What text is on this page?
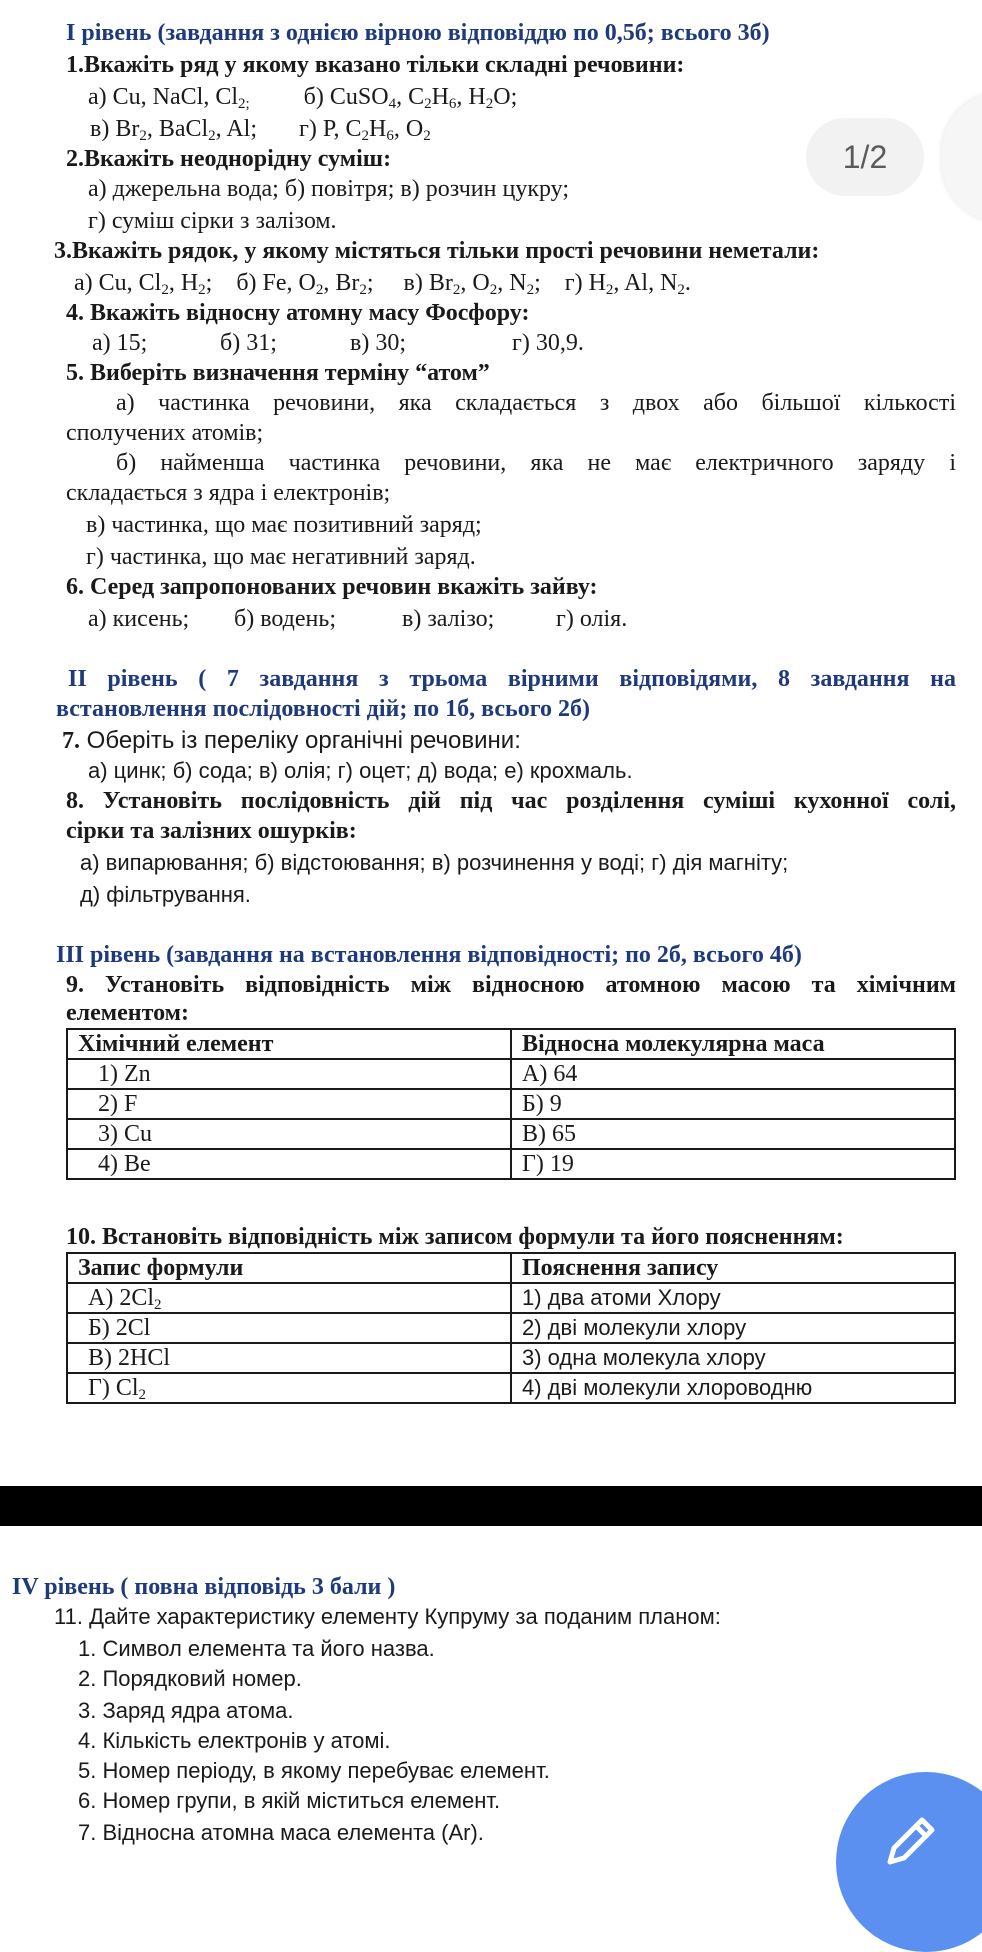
І рівень (завдання з однією вірною відповіддю по 0,5б; всього 3б)
1.Вкажіть ряд у якому вказано тільки складні речовини:
а) Cu, NaCl, $Cl_{2;}$         б) CuSO$_4$, $C_2H_6$, $H_2O$;
в) $Br_2$, BaCl$_2$, Al;       г) P, $C_2H_6$, $O_2$
2.Вкажіть неоднорідну суміш:
а) джерельна вода; б) повітря; в) розчин цукру;
г) суміш сірки з залізом.
3.Вкажіть рядок, у якому містяться тільки прості речовини неметали:
а) Cu, $Cl_2$, $H_2$;    б) Fe, $O_2$, $Br_2$;     в) $Br_2$, $O_2$, $N_2$;    г) $H_2$, Al, $N_2$.
4. Вкажіть відносну атомну масу Фосфору:
а) 15;	б) 31;	в) 30;	г) 30,9.
5. Виберіть визначення терміну “атом”
а) частинка речовини, яка складається з двох або більшої кількості
сполучених атомів;
б) найменша частинка речовини, яка не має електричного заряду і
складається з ядра і електронів;
в) частинка, що має позитивний заряд;
г) частинка, що має негативний заряд.
6. Серед запропонованих речовин вкажіть зайву:
а) кисень; б) водень;	в) залізо;	г) олія.
ІІ рівень ( 7 завдання з трьома вірними відповідями, 8 завдання на
встановлення послідовності дій; по 1б, всього 2б)
7. Оберіть із переліку органічні речовини:
а) цинк; б) сода; в) олія; г) оцет; д) вода; е) крохмаль.
8. Установіть послідовність дій під час розділення суміші кухонної солі,
сірки та залізних ошурків:
а) випарювання; б) відстоювання; в) розчинення у воді; г) дія магніту;
д) фільтрування.
ІІІ рівень (завдання на встановлення відповідності; по 2б, всього 4б)
9. Установіть відповідність між відносною атомною масою та хімічним
елементом:
Хімічний елемент	Відносна молекулярна маса
1) Zn	А) 64
2) F	Б) 9
3) Cu	В) 65
4) Be	Г) 19
10. Встановіть відповідність між записом формули та його поясненням:
Запис формули	Пояснення запису
А) $2Cl_2$	1) два атоми Хлору
Б) 2Cl	2) дві молекули хлору
В) 2HCl	3) одна молекула хлору
Г) $Cl_2$	4) дві молекули хлороводню
IV рівень ( повна відповідь 3 бали )
11. Дайте характеристику елементу Купруму за поданим планом:
1. Символ елемента та його назва.
2. Порядковий номер.
3. Заряд ядра атома.
4. Кількість електронів у атомі.
5. Номер періоду, в якому перебуває елемент.
6. Номер групи, в якій міститься елемент.
7. Відносна атомна маса елемента (Ar).
1/2
